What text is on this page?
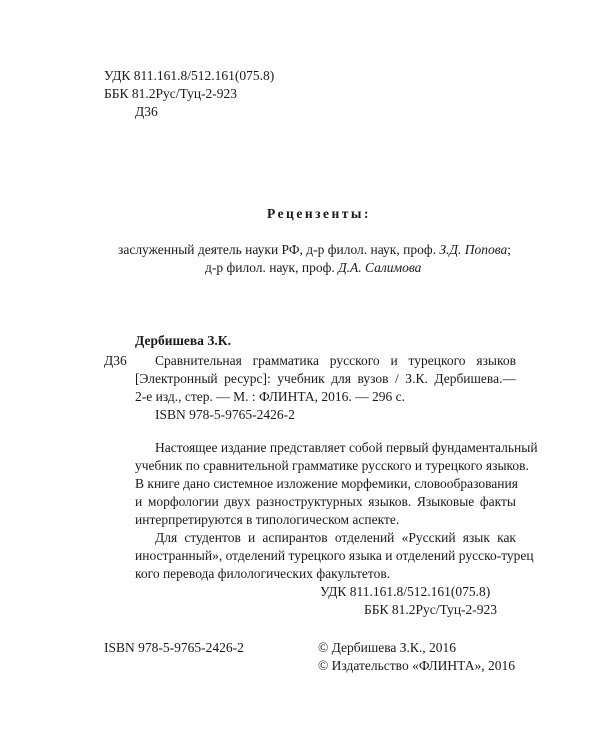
УДК 811.161.8/512.161(075.8)
ББК 81.2Рус/Туц-2-923
Д36
Рецензенты:
заслуженный деятель науки РФ, д-р филол. наук, проф. З.Д. Попова;
д-р филол. наук, проф. Д.А. Салимова
Дербишева З.К.
Д36 Сравнительная грамматика русского и турецкого языков
[Электронный ресурс]: учебник для вузов / З.К. Дербишева.—
2-е изд., стер. — М. : ФЛИНТА, 2016. — 296 с.
ISBN 978-5-9765-2426-2
Настоящее издание представляет собой первый фундаментальный
учебник по сравнительной грамматике русского и турецкого языков.
В книге дано системное изложение морфемики, словообразования
и морфологии двух разноструктурных языков. Языковые факты
интерпретируются в типологическом аспекте.
Для студентов и аспирантов отделений «Русский язык как
иностранный», отделений турецкого языка и отделений русско-турец
кого перевода филологических факультетов.
УДК 811.161.8/512.161(075.8)
ББК 81.2Рус/Туц-2-923
ISBN 978-5-9765-2426-2	© Дербишева З.К., 2016
© Издательство «ФЛИНТА», 2016
